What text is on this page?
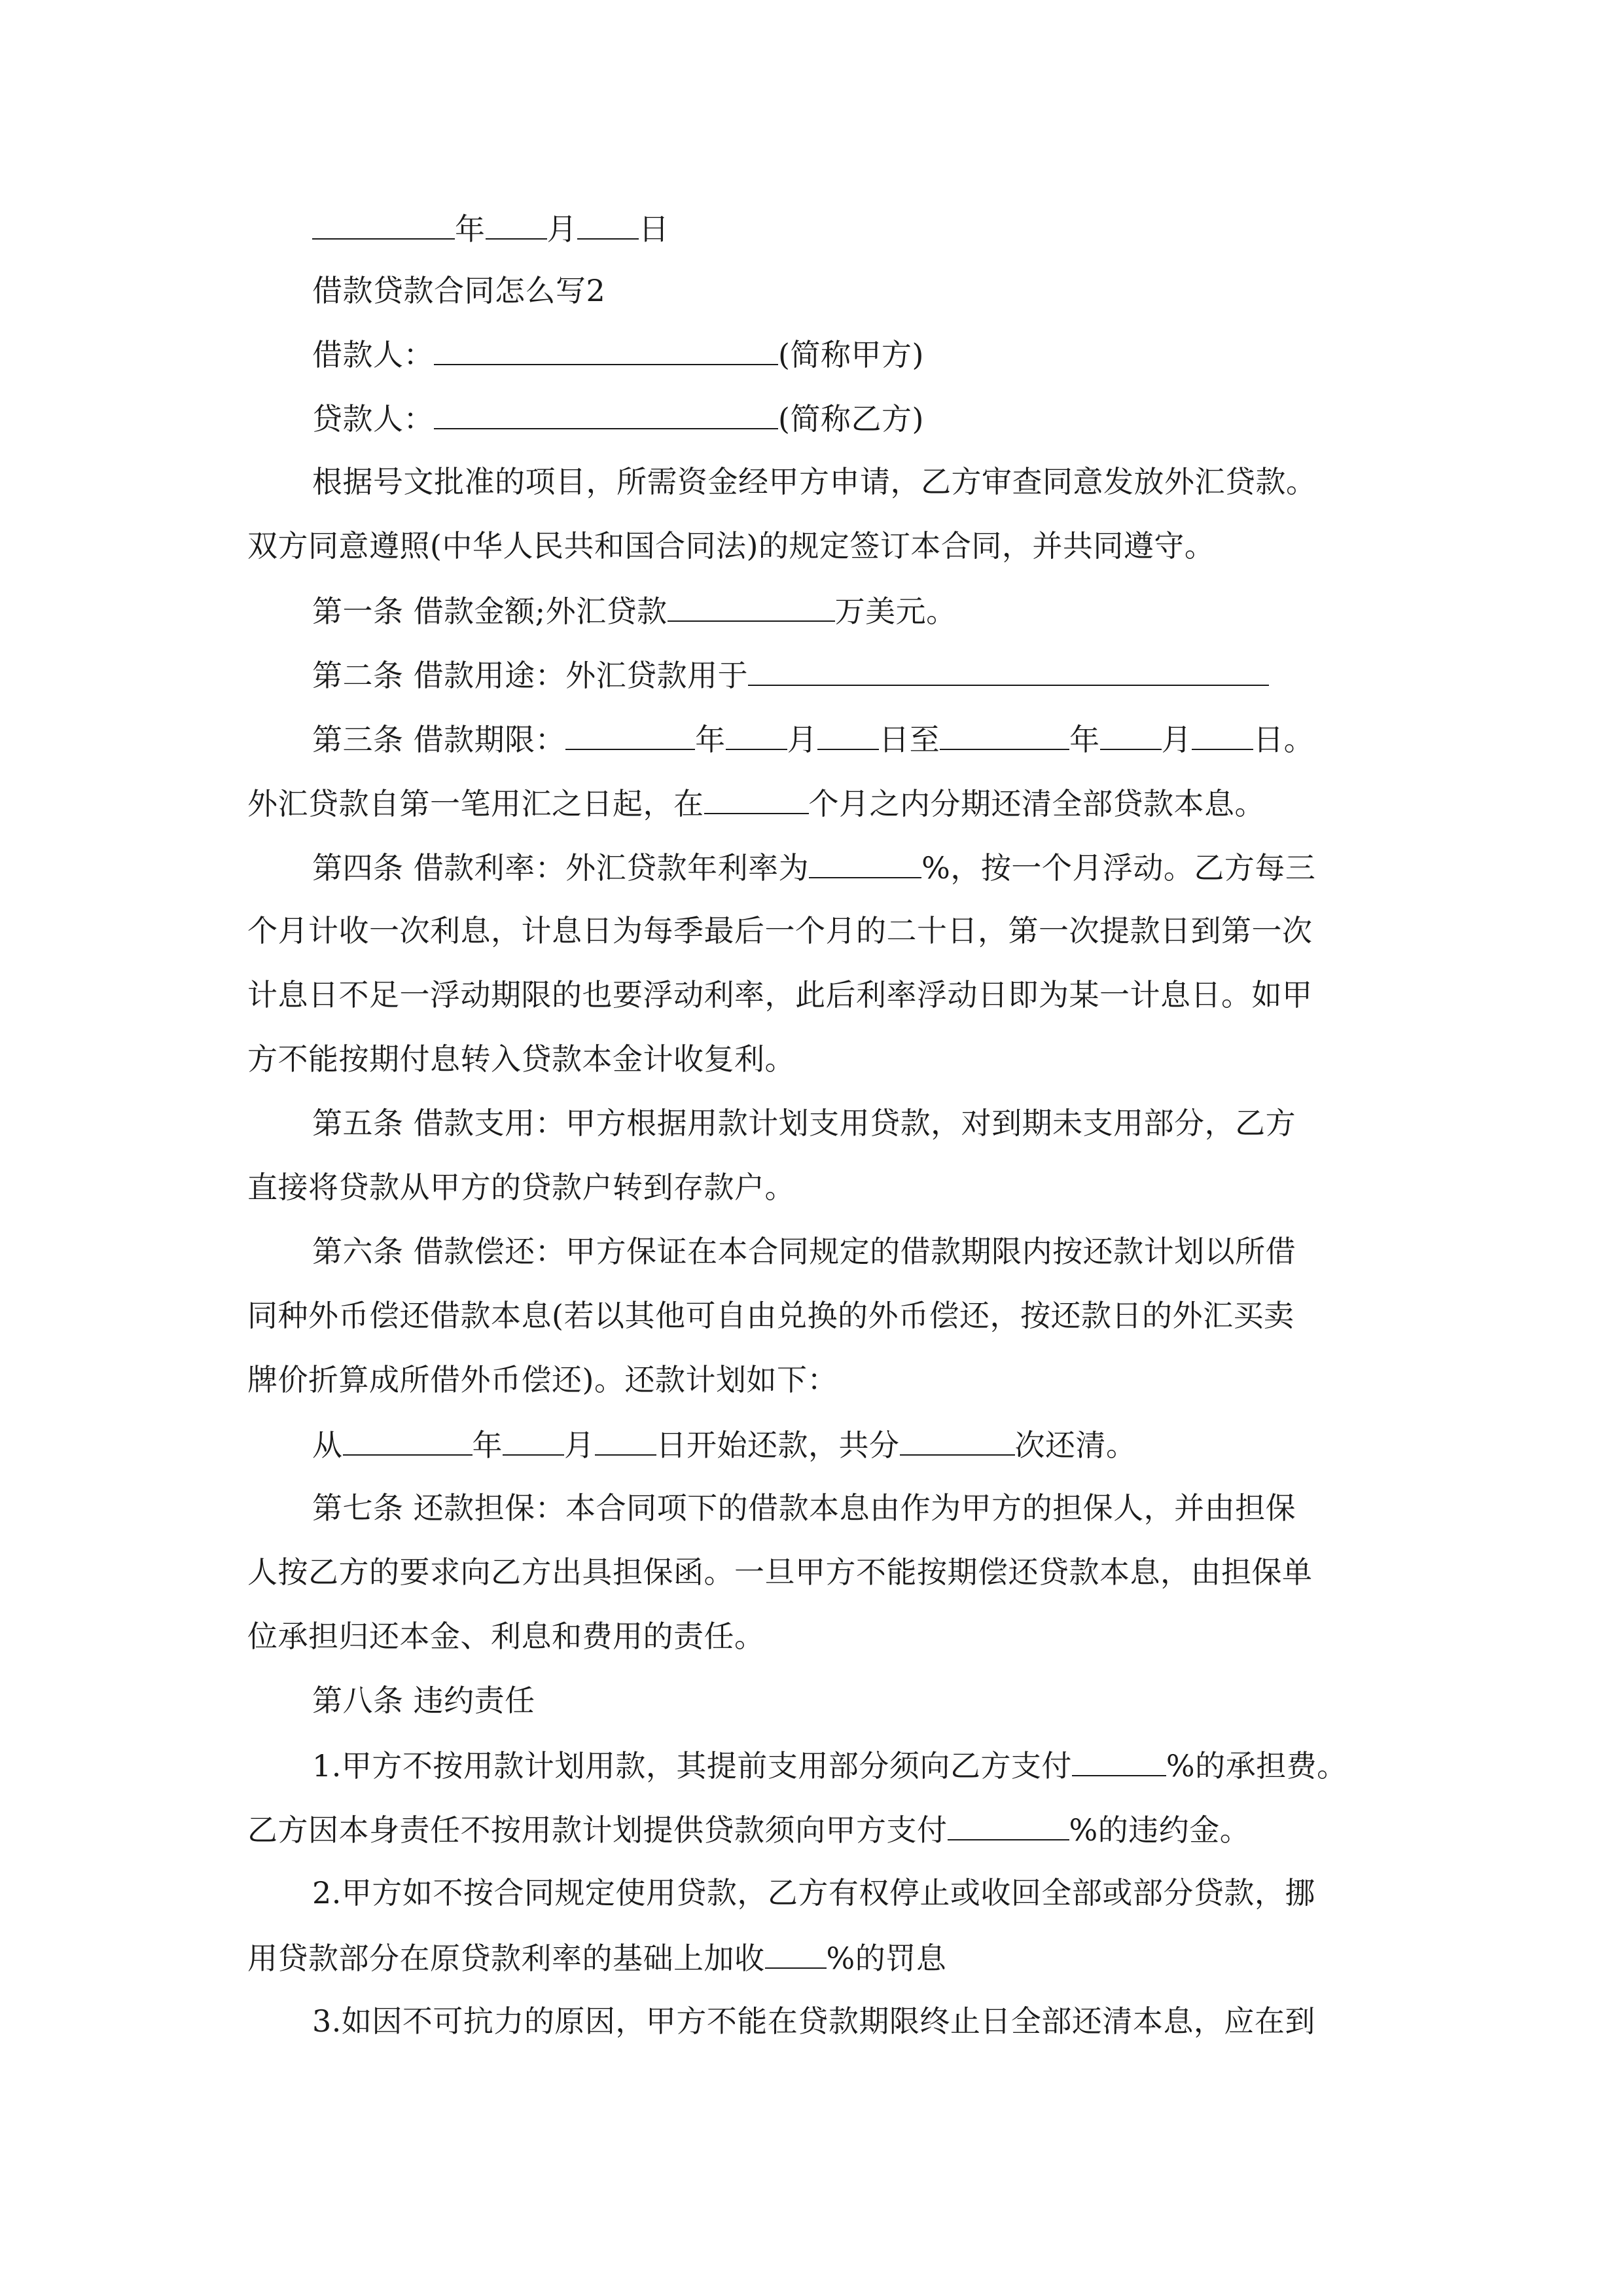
年 月 日
借款贷款合同怎么写2
借款人：	(简称甲方)
贷款人：	(简称乙方)
根据号文批准的项目，所需资金经甲方申请，乙方审查同意发放外汇贷款。
双方同意遵照(中华人民共和国合同法)的规定签订本合同，并共同遵守。
第一条 借款金额;外汇贷款	万美元。
第二条 借款用途：外汇贷款用于
第三条 借款期限：	年 月 日至	年 月 日。
外汇贷款自第一笔用汇之日起，在	个月之内分期还清全部贷款本息。
第四条 借款利率：外汇贷款年利率为	%，按一个月浮动。乙方每三
个月计收一次利息，计息日为每季最后一个月的二十日，第一次提款日到第一次
计息日不足一浮动期限的也要浮动利率，此后利率浮动日即为某一计息日。如甲
方不能按期付息转入贷款本金计收复利。
第五条 借款支用：甲方根据用款计划支用贷款，对到期未支用部分，乙方
直接将贷款从甲方的贷款户转到存款户。
第六条 借款偿还：甲方保证在本合同规定的借款期限内按还款计划以所借
同种外币偿还借款本息(若以其他可自由兑换的外币偿还，按还款日的外汇买卖
牌价折算成所借外币偿还)。还款计划如下：
从	年 月 日开始还款，共分	次还清。
第七条 还款担保：本合同项下的借款本息由作为甲方的担保人，并由担保
人按乙方的要求向乙方出具担保函。一旦甲方不能按期偿还贷款本息，由担保单
位承担归还本金、利息和费用的责任。
第八条 违约责任
1.甲方不按用款计划用款，其提前支用部分须向乙方支付	%的承担费。
乙方因本身责任不按用款计划提供贷款须向甲方支付	%的违约金。
2.甲方如不按合同规定使用贷款，乙方有权停止或收回全部或部分贷款，挪
用贷款部分在原贷款利率的基础上加收 %的罚息
3.如因不可抗力的原因，甲方不能在贷款期限终止日全部还清本息，应在到
